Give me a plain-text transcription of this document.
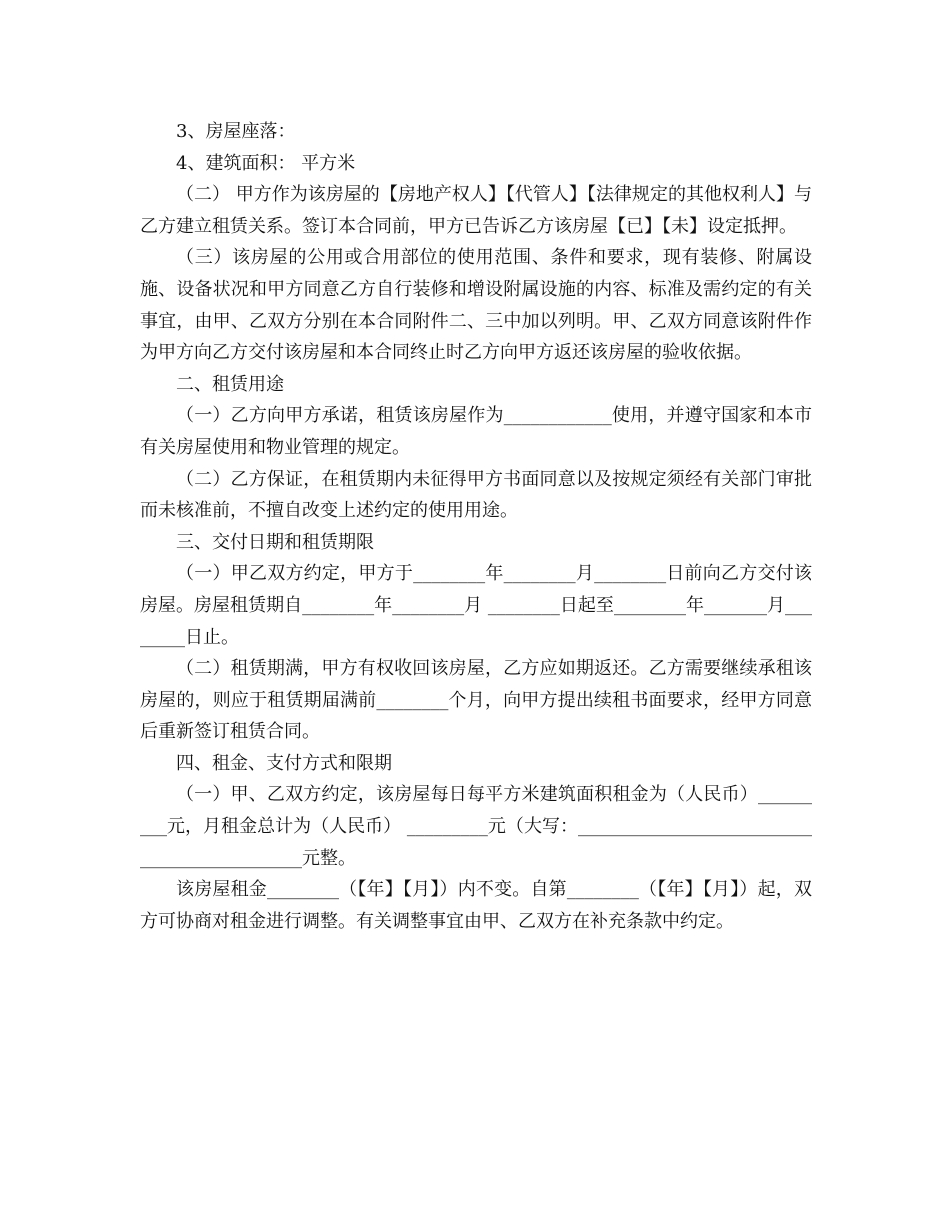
3、房屋座落：

4、建筑面积： 平方米

（二） 甲方作为该房屋的【房地产权人】【代管人】【法律规定的其他权利人】与乙方建立租赁关系。签订本合同前，甲方已告诉乙方该房屋【已】【未】设定抵押。

（三）该房屋的公用或合用部位的使用范围、条件和要求，现有装修、附属设施、设备状况和甲方同意乙方自行装修和增设附属设施的内容、标准及需约定的有关事宜，由甲、乙双方分别在本合同附件二、三中加以列明。甲、乙双方同意该附件作为甲方向乙方交付该房屋和本合同终止时乙方向甲方返还该房屋的验收依据。

二、租赁用途

（一）乙方向甲方承诺，租赁该房屋作为____________使用，并遵守国家和本市有关房屋使用和物业管理的规定。

（二）乙方保证，在租赁期内未征得甲方书面同意以及按规定须经有关部门审批而未核准前，不擅自改变上述约定的使用用途。

三、交付日期和租赁期限

（一）甲乙双方约定，甲方于________年________月________日前向乙方交付该房屋。房屋租赁期自________年________月 ________日起至________年_______月________日止。

（二）租赁期满，甲方有权收回该房屋，乙方应如期返还。乙方需要继续承租该房屋的，则应于租赁期届满前________个月，向甲方提出续租书面要求，经甲方同意后重新签订租赁合同。

四、租金、支付方式和限期

（一）甲、乙双方约定，该房屋每日每平方米建筑面积租金为（人民币）_________元，月租金总计为（人民币） _________元（大写：____________________________________________元整。

该房屋租金________（【年】【月】）内不变。自第________（【年】【月】）起，双方可协商对租金进行调整。有关调整事宜由甲、乙双方在补充条款中约定。
